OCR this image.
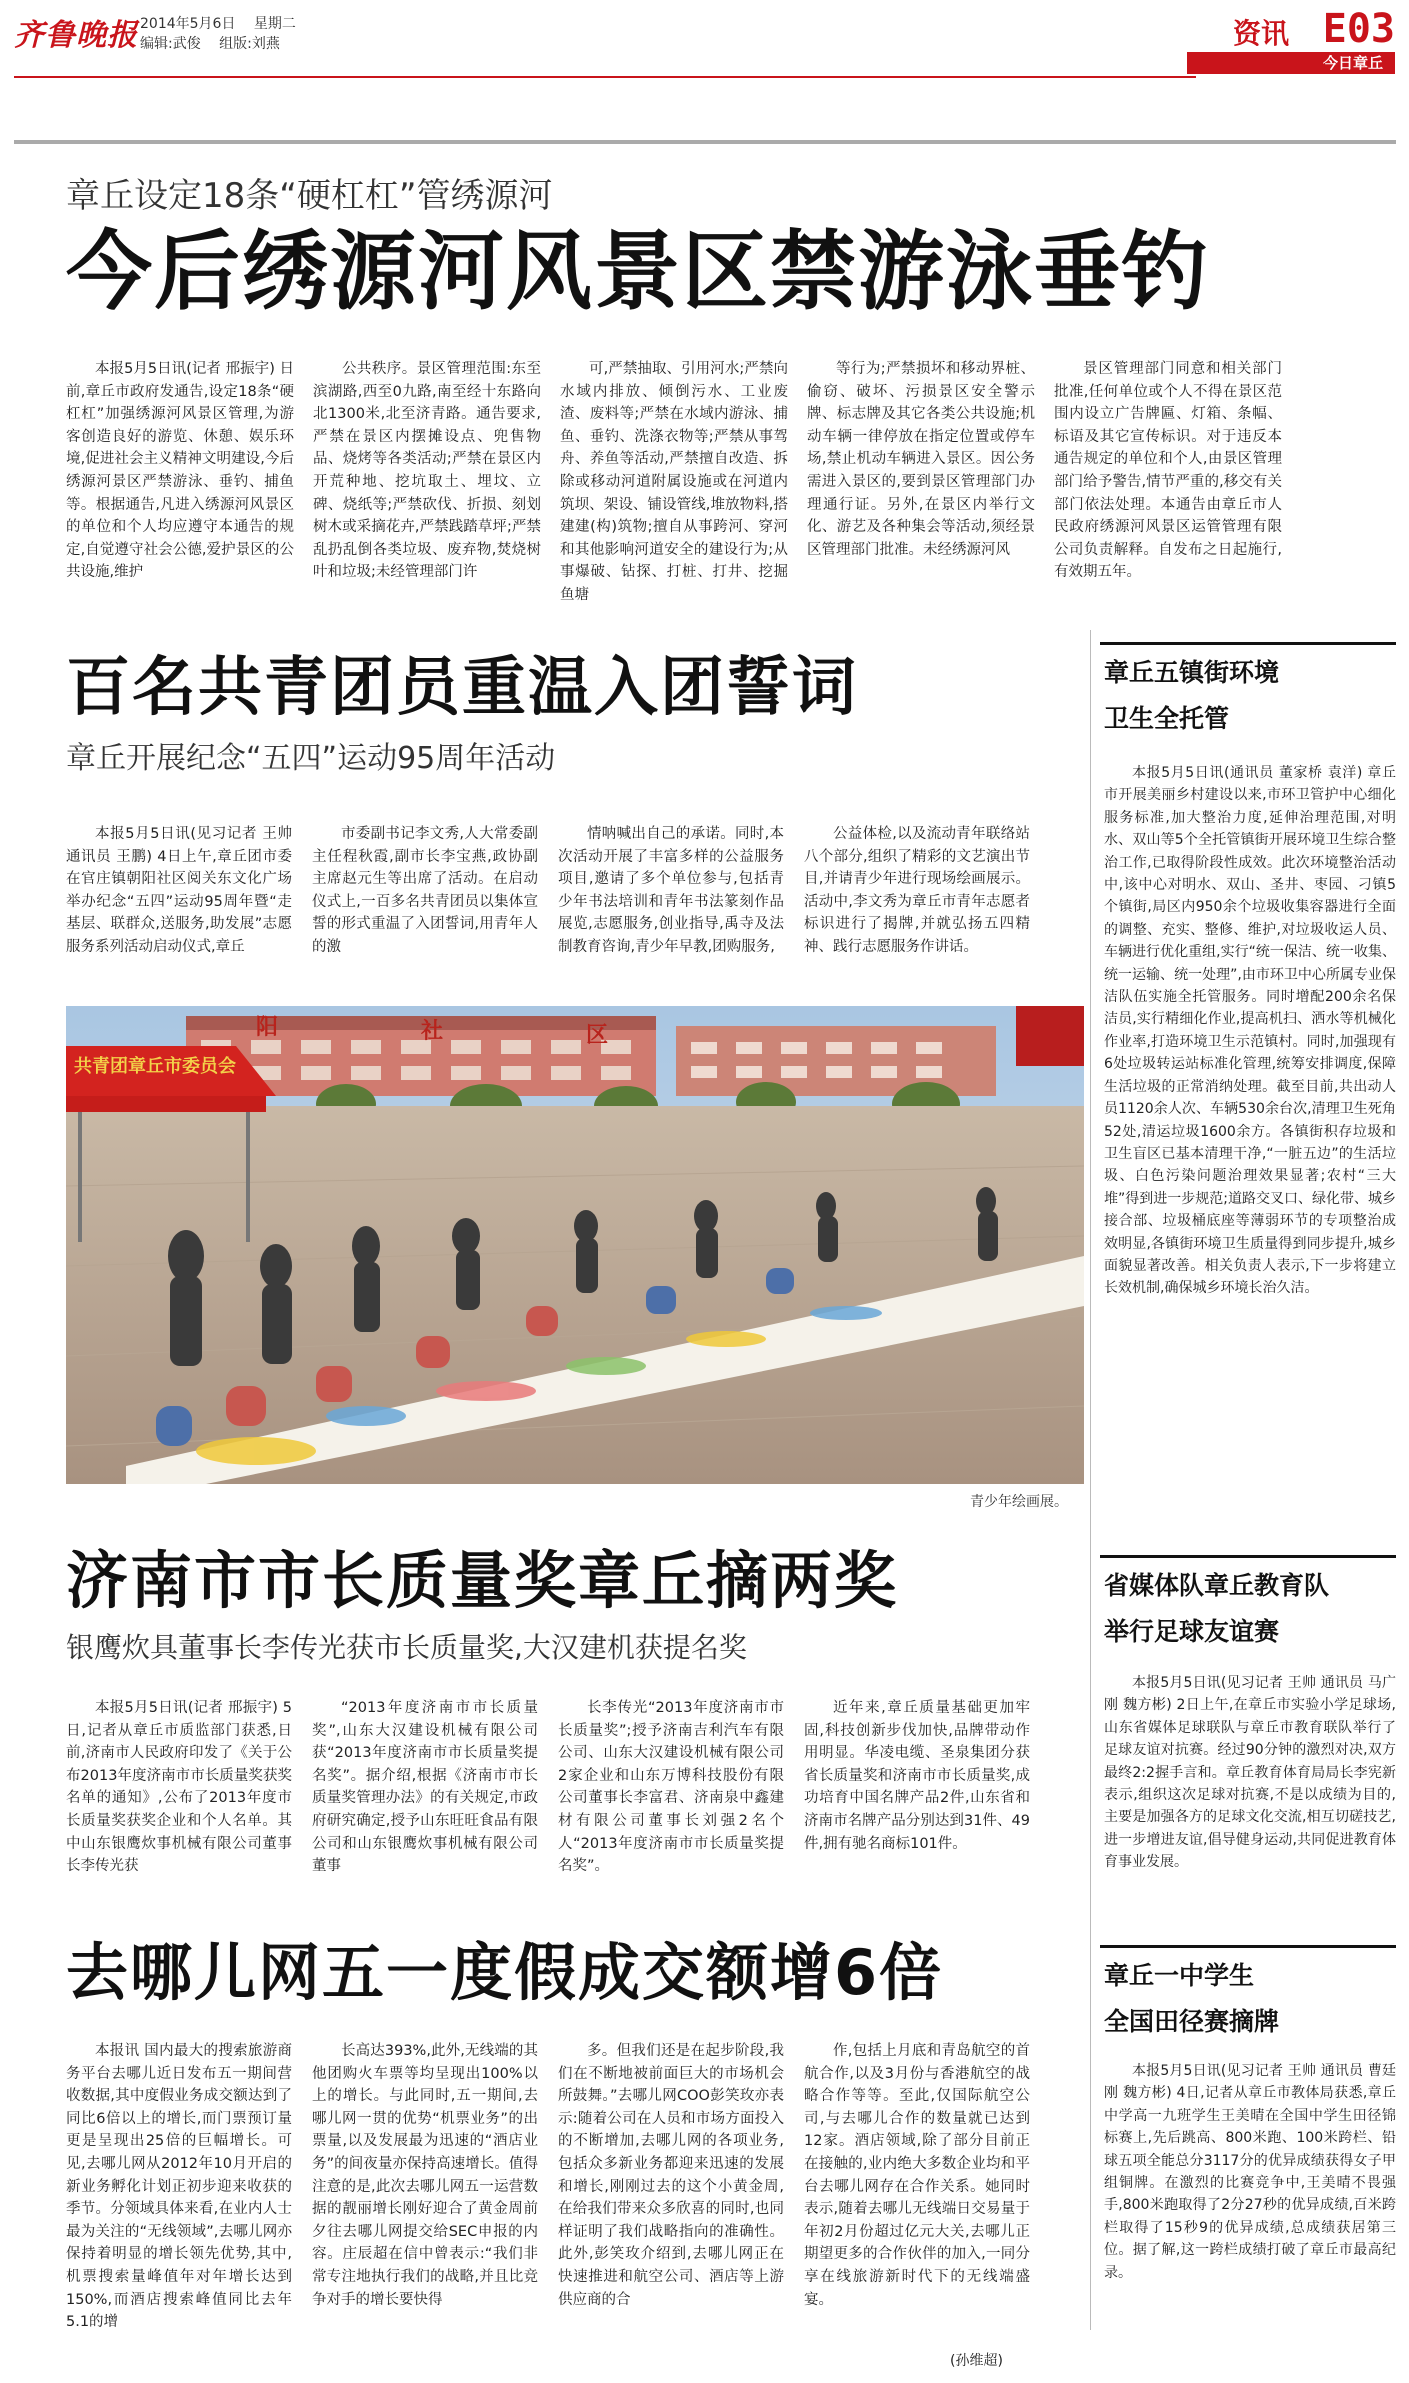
齐鲁晚报 2014年5月6日 星期二
编辑:武俊 组版:刘燕	资讯 E03
今日章丘
章丘设定18条“硬杠杠”管绣源河
今后绣源河风景区禁游泳垂钓
本报5月5日讯(记者 邢振宇) 日前,章丘市政府发通告,设定18条“硬杠杠”加强绣源河风景区管理,为游客创造良好的游览、休憩、娱乐环境,促进社会主义精神文明建设,今后绣源河景区严禁游泳、垂钓、捕鱼等。根据通告,凡进入绣源河风景区的单位和个人均应遵守本通告的规定,自觉遵守社会公德,爱护景区的公共设施,维护
公共秩序。景区管理范围:东至滨湖路,西至0九路,南至经十东路向北1300米,北至济青路。通告要求,严禁在景区内摆摊设点、兜售物品、烧烤等各类活动;严禁在景区内开荒种地、挖坑取土、埋坟、立碑、烧纸等;严禁砍伐、折损、刻划树木或采摘花卉,严禁践踏草坪;严禁乱扔乱倒各类垃圾、废弃物,焚烧树叶和垃圾;未经管理部门许
可,严禁抽取、引用河水;严禁向水域内排放、倾倒污水、工业废渣、废料等;严禁在水域内游泳、捕鱼、垂钓、洗涤衣物等;严禁从事驾舟、养鱼等活动,严禁擅自改造、拆除或移动河道附属设施或在河道内筑坝、架设、铺设管线,堆放物料,搭建建(构)筑物;擅自从事跨河、穿河和其他影响河道安全的建设行为;从事爆破、钻探、打桩、打井、挖掘鱼塘
等行为;严禁损坏和移动界桩、偷窃、破坏、污损景区安全警示牌、标志牌及其它各类公共设施;机动车辆一律停放在指定位置或停车场,禁止机动车辆进入景区。因公务需进入景区的,要到景区管理部门办理通行证。另外,在景区内举行文化、游艺及各种集会等活动,须经景区管理部门批准。未经绣源河风
景区管理部门同意和相关部门批准,任何单位或个人不得在景区范围内设立广告牌匾、灯箱、条幅、标语及其它宣传标识。对于违反本通告规定的单位和个人,由景区管理部门给予警告,情节严重的,移交有关部门依法处理。本通告由章丘市人民政府绣源河风景区运管管理有限公司负责解释。自发布之日起施行,有效期五年。
百名共青团员重温入团誓词
章丘开展纪念“五四”运动95周年活动
本报5月5日讯(见习记者 王帅 通讯员 王鹏) 4日上午,章丘团市委在官庄镇朝阳社区阅关东文化广场举办纪念“五四”运动95周年暨“走基层、联群众,送服务,助发展”志愿服务系列活动启动仪式,章丘
市委副书记李文秀,人大常委副主任程秋霞,副市长李宝燕,政协副主席赵元生等出席了活动。在启动仪式上,一百多名共青团员以集体宣誓的形式重温了入团誓词,用青年人的激
情呐喊出自己的承诺。同时,本次活动开展了丰富多样的公益服务项目,邀请了多个单位参与,包括青少年书法培训和青年书法篆刻作品展览,志愿服务,创业指导,禹寺及法制教育咨询,青少年早教,团购服务,
公益体检,以及流动青年联络站八个部分,组织了精彩的文艺演出节目,并请青少年进行现场绘画展示。活动中,李文秀为章丘市青年志愿者标识进行了揭牌,并就弘扬五四精神、践行志愿服务作讲话。
阳	社	区
共青团章丘市委员会
青少年绘画展。
济南市市长质量奖章丘摘两奖
银鹰炊具董事长李传光获市长质量奖,大汉建机获提名奖
本报5月5日讯(记者 邢振宇) 5日,记者从章丘市质监部门获悉,日前,济南市人民政府印发了《关于公布2013年度济南市市长质量奖获奖名单的通知》,公布了2013年度市长质量奖获奖企业和个人名单。其中山东银鹰炊事机械有限公司董事长李传光获
“2013年度济南市市长质量奖”,山东大汉建设机械有限公司获“2013年度济南市市长质量奖提名奖”。据介绍,根据《济南市市长质量奖管理办法》的有关规定,市政府研究确定,授予山东旺旺食品有限公司和山东银鹰炊事机械有限公司董事
长李传光“2013年度济南市市长质量奖”;授予济南吉利汽车有限公司、山东大汉建设机械有限公司2家企业和山东万博科技股份有限公司董事长李富君、济南泉中鑫建材有限公司董事长刘强2名个人“2013年度济南市市长质量奖提名奖”。
近年来,章丘质量基础更加牢固,科技创新步伐加快,品牌带动作用明显。华凌电缆、圣泉集团分获省长质量奖和济南市市长质量奖,成功培育中国名牌产品2件,山东省和济南市名牌产品分别达到31件、49件,拥有驰名商标101件。
去哪儿网五一度假成交额增6倍
本报讯 国内最大的搜索旅游商务平台去哪儿近日发布五一期间营收数据,其中度假业务成交额达到了同比6倍以上的增长,而门票预订量更是呈现出25倍的巨幅增长。可见,去哪儿网从2012年10月开启的新业务孵化计划正初步迎来收获的季节。分领域具体来看,在业内人士最为关注的“无线领域”,去哪儿网亦保持着明显的增长领先优势,其中,机票搜索量峰值年对年增长达到150%,而酒店搜索峰值同比去年5.1的增
长高达393%,此外,无线端的其他团购火车票等均呈现出100%以上的增长。与此同时,五一期间,去哪儿网一贯的优势“机票业务”的出票量,以及发展最为迅速的“酒店业务”的间夜量亦保持高速增长。值得注意的是,此次去哪儿网五一运营数据的靓丽增长刚好迎合了黄金周前夕往去哪儿网提交给SEC申报的内容。庄辰超在信中曾表示:“我们非常专注地执行我们的战略,并且比竞争对手的增长要快得
多。但我们还是在起步阶段,我们在不断地被前面巨大的市场机会所鼓舞。”去哪儿网COO彭笑玫亦表示:随着公司在人员和市场方面投入的不断增加,去哪儿网的各项业务,包括众多新业务都迎来迅速的发展和增长,刚刚过去的这个小黄金周,在给我们带来众多欣喜的同时,也同样证明了我们战略指向的准确性。此外,彭笑玫介绍到,去哪儿网正在快速推进和航空公司、酒店等上游供应商的合
作,包括上月底和青岛航空的首航合作,以及3月份与香港航空的战略合作等等。至此,仅国际航空公司,与去哪儿合作的数量就已达到12家。酒店领域,除了部分目前正在接触的,业内绝大多数企业均和平台去哪儿网存在合作关系。她同时表示,随着去哪儿无线端日交易量于年初2月份超过亿元大关,去哪儿正期望更多的合作伙伴的加入,一同分享在线旅游新时代下的无线端盛宴。
(孙维超)
章丘五镇街环境
卫生全托管
本报5月5日讯(通讯员 董家桥 袁洋) 章丘市开展美丽乡村建设以来,市环卫管护中心细化服务标准,加大整治力度,延伸治理范围,对明水、双山等5个全托管镇街开展环境卫生综合整治工作,已取得阶段性成效。此次环境整治活动中,该中心对明水、双山、圣井、枣园、刁镇5个镇街,局区内950余个垃圾收集容器进行全面的调整、充实、整修、维护,对垃圾收运人员、车辆进行优化重组,实行“统一保洁、统一收集、统一运输、统一处理”,由市环卫中心所属专业保洁队伍实施全托管服务。同时增配200余名保洁员,实行精细化作业,提高机扫、洒水等机械化作业率,打造环境卫生示范镇村。同时,加强现有6处垃圾转运站标准化管理,统筹安排调度,保障生活垃圾的正常消纳处理。截至目前,共出动人员1120余人次、车辆530余台次,清理卫生死角52处,清运垃圾1600余方。各镇街积存垃圾和卫生盲区已基本清理干净,“一脏五边”的生活垃圾、白色污染问题治理效果显著;农村“三大堆”得到进一步规范;道路交叉口、绿化带、城乡接合部、垃圾桶底座等薄弱环节的专项整治成效明显,各镇街环境卫生质量得到同步提升,城乡面貌显著改善。相关负责人表示,下一步将建立长效机制,确保城乡环境长治久洁。
省媒体队章丘教育队
举行足球友谊赛
本报5月5日讯(见习记者 王帅 通讯员 马广刚 魏方彬) 2日上午,在章丘市实验小学足球场,山东省媒体足球联队与章丘市教育联队举行了足球友谊对抗赛。经过90分钟的激烈对决,双方最终2:2握手言和。章丘教育体育局局长李宪新表示,组织这次足球对抗赛,不是以成绩为目的,主要是加强各方的足球文化交流,相互切磋技艺,进一步增进友谊,倡导健身运动,共同促进教育体育事业发展。
章丘一中学生
全国田径赛摘牌
本报5月5日讯(见习记者 王帅 通讯员 曹廷刚 魏方彬) 4日,记者从章丘市教体局获悉,章丘中学高一九班学生王美晴在全国中学生田径锦标赛上,先后跳高、800米跑、100米跨栏、铅球五项全能总分3117分的优异成绩获得女子甲组铜牌。在激烈的比赛竞争中,王美晴不畏强手,800米跑取得了2分27秒的优异成绩,百米跨栏取得了15秒9的优异成绩,总成绩获居第三位。据了解,这一跨栏成绩打破了章丘市最高纪录。
